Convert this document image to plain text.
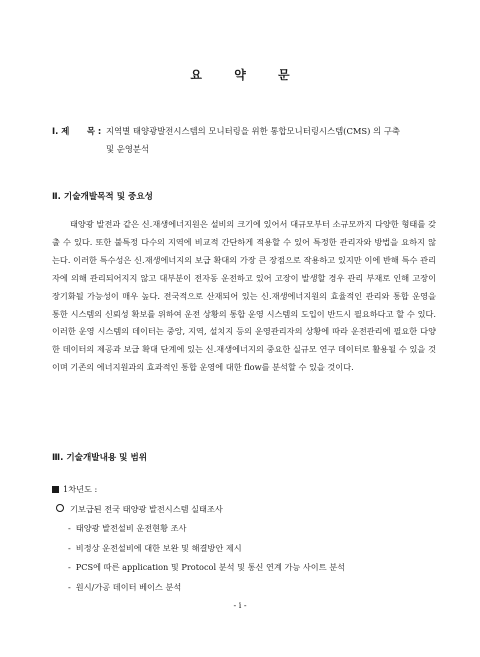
요 약 문
Ⅰ. 제 목 : 지역별 태양광발전시스템의 모니터링을 위한 통합모니터링시스템(CMS) 의 구축
및 운영분석
Ⅱ. 기술개발목적 및 중요성
태양광 발전과 같은 신․재생에너지원은 설비의 크기에 있어서 대규모부터 소규모까지 다양한 형태를 갖출 수 있다. 또한 불특정 다수의 지역에 비교적 간단하게 적용할 수 있어 특정한 관리자와 방법을 요하지 않는다. 이러한 특수성은 신․재생에너지의 보급 확대의 가장 큰 장점으로 작용하고 있지만 이에 반해 특수 관리자에 의해 관리되어지지 않고 대부분이 전자동 운전하고 있어 고장이 발생할 경우 관리 부재로 인해 고장이 장기화될 가능성이 매우 높다. 전국적으로 산재되어 있는 신․재생에너지원의 효율적인 관리와 통합 운영을 통한 시스템의 신뢰성 확보를 위하여 운전 상황의 통합 운영 시스템의 도입이 반드시 필요하다고 할 수 있다. 이러한 운영 시스템의 데이터는 중앙, 지역, 설치지 등의 운영관리자의 상황에 따라 운전관리에 필요한 다양한 데이터의 제공과 보급 확대 단계에 있는 신․재생에너지의 중요한 실규모 연구 데이터로 활용될 수 있을 것이며 기존의 에너지원과의 효과적인 통합 운영에 대한 flow를 분석할 수 있을 것이다.
Ⅲ. 기술개발내용 및 범위
1차년도 :
기보급된 전국 태양광 발전시스템 실태조사
- 태양광 발전설비 운전현황 조사
- 비정상 운전설비에 대한 보완 및 해결방안 제시
- PCS에 따른 application 및 Protocol 분석 및 통신 연계 가능 사이트 분석
- 원시/가공 데이터 베이스 분석
- i -
